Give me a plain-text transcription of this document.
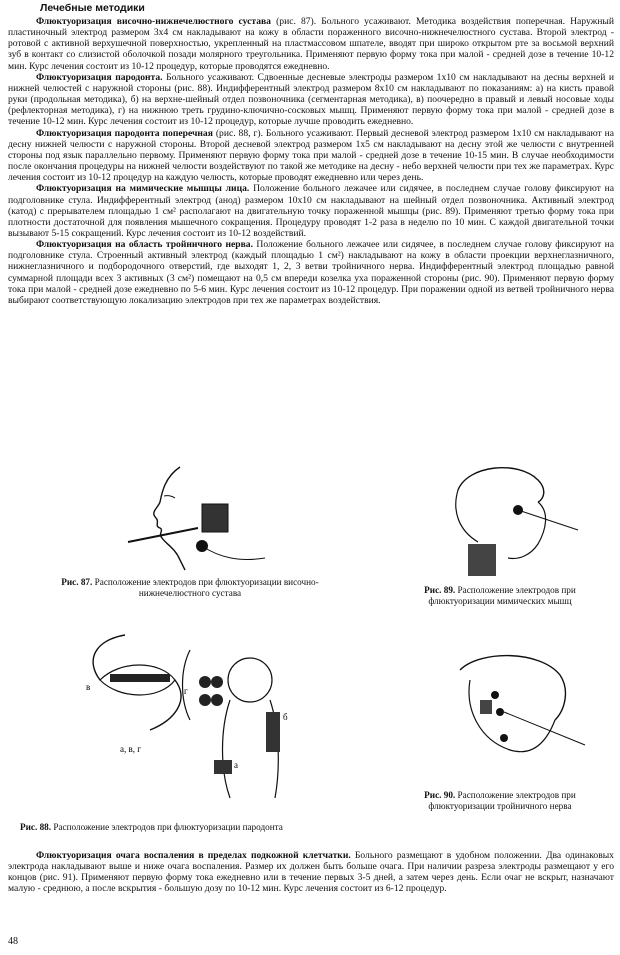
Лечебные методики

Флюктуоризация височно-нижнечелюстного сустава (рис. 87). Больного усаживают. Методика воздействия поперечная. Наружный пластиночный электрод размером 3х4 см накладывают на кожу в области пораженного височно-нижнечелюстного сустава. Второй электрод - ротовой с активной верхушечной поверхностью, укрепленный на пластмассовом шпателе, вводят при широко открытом рте за восьмой верхний зуб в контакт со слизистой оболочкой позади молярного треугольника. Применяют первую форму тока при малой - средней дозе в течение 10-12 мин. Курс лечения состоит из 10-12 процедур, которые проводятся ежедневно.

Флюктуоризация пародонта. Больного усаживают. Сдвоенные десневые электроды размером 1х10 см накладывают на десны верхней и нижней челюстей с наружной стороны (рис. 88). Индифферентный электрод размером 8х10 см накладывают по показаниям: а) на кисть правой руки (продольная методика), б) на верхне-шейный отдел позвоночника (сегментарная методика), в) поочередно в правый и левый носовые ходы (рефлекторная методика), г) на нижнюю треть грудино-ключично-сосковых мышц. Применяют первую форму тока при малой - средней дозе в течение 10-12 мин. Курс лечения состоит из 10-12 процедур, которые лучше проводить ежедневно.

Флюктуоризация пародонта поперечная (рис. 88, г). Больного усаживают. Первый десневой электрод размером 1х10 см накладывают на десну нижней челюсти с наружной стороны. Второй десневой электрод размером 1х5 см накладывают на десну этой же челюсти с внутренней стороны под язык параллельно первому. Применяют первую форму тока при малой - средней дозе в течение 10-15 мин. В случае необходимости после окончания процедуры на нижней челюсти воздействуют по такой же методике на десну - небо верхней челюсти при тех же параметрах. Курс лечения состоит из 10-12 процедур на каждую челюсть, которые проводят ежедневно или через день.

Флюктуоризация на мимические мышцы лица. Положение больного лежачее или сидячее, в последнем случае голову фиксируют на подголовнике стула. Индифферентный электрод (анод) размером 10х10 см накладывают на шейный отдел позвоночника. Активный электрод (катод) с прерывателем площадью 1 см² располагают на двигательную точку пораженной мышцы (рис. 89). Применяют третью форму тока при плотности достаточной для появления мышечного сокращения. Процедуру проводят 1-2 раза в неделю по 10 мин. С каждой двигательной точки вызывают 5-15 сокращений. Курс лечения состоит из 10-12 воздействий.

Флюктуоризация на область тройничного нерва. Положение больного лежачее или сидячее, в последнем случае голову фиксируют на подголовнике стула. Строенный активный электрод (каждый площадью 1 см²) накладывают на кожу в области проекции верхнеглазничного, нижнеглазничного и подбородочного отверстий, где выходят 1, 2, 3 ветви тройничного нерва. Индифферентный электрод площадью равной суммарной площади всех 3 активных (3 см²) помещают на 0,5 см впереди козелка уха пораженной стороны (рис. 90). Применяют первую форму тока при малой - средней дозе ежедневно по 5-6 мин. Курс лечения состоит из 10-12 процедур. При поражении одной из ветвей тройничного нерва выбирают соответствующую локализацию электродов при тех же параметрах воздействия.

Рис. 87. Расположение электродов при флюктуоризации височно-нижнечелюстного сустава	Рис. 89. Расположение электродов при флюктуоризации мимических мышц
в	г
б
а
а, в, г
Рис. 88. Расположение электродов при флюктуоризации пародонта
Рис. 90. Расположение электродов при флюктуоризации тройничного нерва

Флюктуоризация очага воспаления в пределах подкожной клетчатки. Больного размещают в удобном положении. Два одинаковых электрода накладывают выше и ниже очага воспаления. Размер их должен быть больше очага. При наличии разреза электроды размещают у его концов (рис. 91). Применяют первую форму тока ежедневно или в течение первых 3-5 дней, а затем через день. Если очаг не вскрыт, назначают малую - среднюю, а после вскрытия - большую дозу по 10-12 мин. Курс лечения состоит из 6-12 процедур.

48
